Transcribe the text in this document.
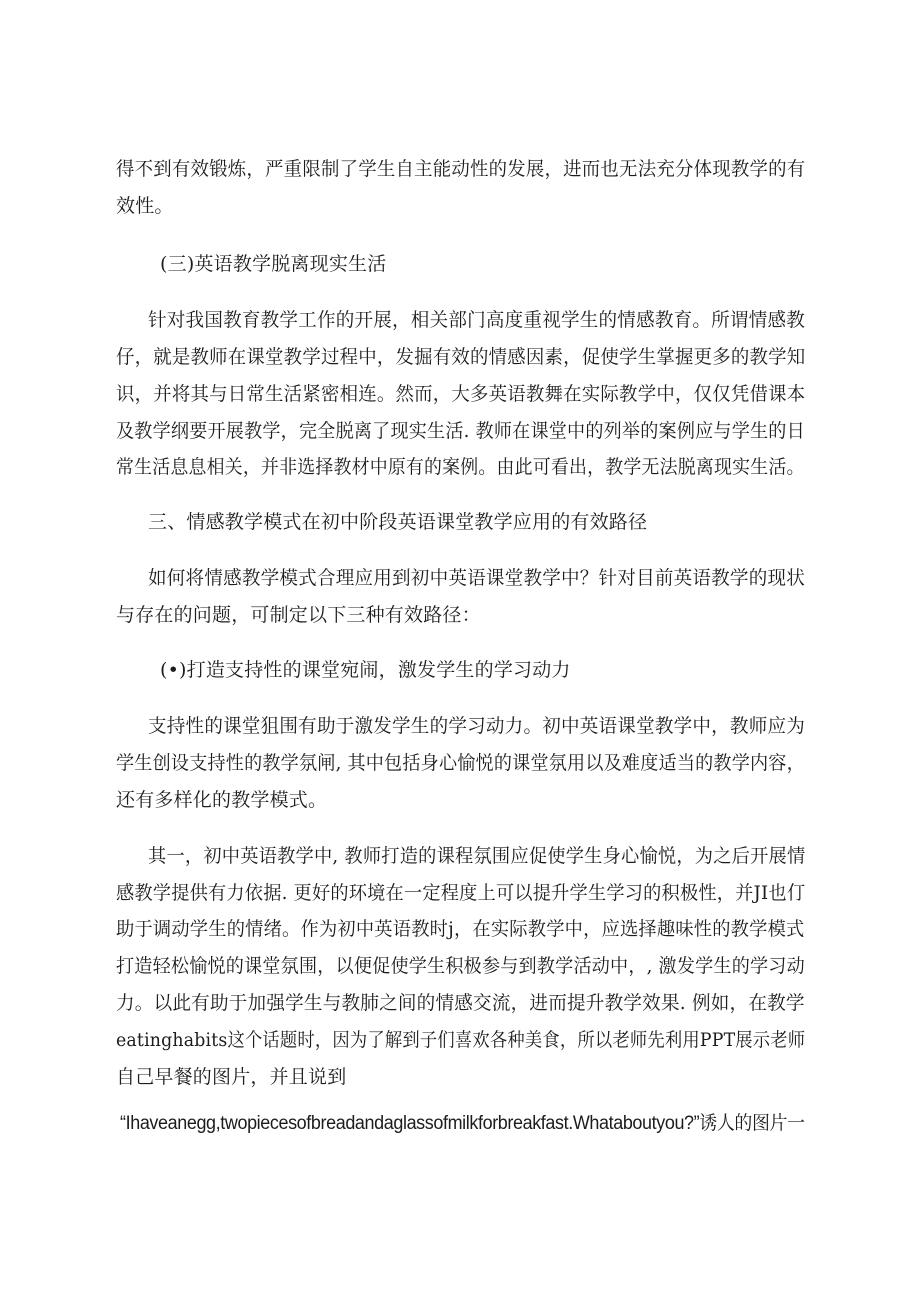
得不到有效锻炼，严重限制了学生自主能动性的发展，进而也无法充分体现教学的有
效性。
(三)英语教学脱离现实生活
针对我国教育教学工作的开展，相关部门高度重视学生的情感教育。所谓情感教
仔，就是教师在课堂教学过程中，发掘有效的情感因素，促使学生掌握更多的教学知
识，并将其与日常生活紧密相连。然而，大多英语教舞在实际教学中，仅仅凭借课本
及教学纲要开展教学，完全脱离了现实生活. 教师在课堂中的列举的案例应与学生的日
常生活息息相关，并非选择教材中原有的案例。由此可看出，教学无法脱离现实生活。
三、情感教学模式在初中阶段英语课堂教学应用的有效路径
如何将情感教学模式合理应用到初中英语课堂教学中？针对目前英语教学的现状
与存在的问题，可制定以下三种有效路径：
(•)打造支持性的课堂宛闹，激发学生的学习动力
支持性的课堂狙围有助于激发学生的学习动力。初中英语课堂教学中，教师应为
学生创设支持性的教学氛闸, 其中包括身心愉悦的课堂氛用以及难度适当的教学内容，
还有多样化的教学模式。
其一，初中英语教学中, 教师打造的课程氛围应促使学生身心愉悦，为之后开展情
感教学提供有力依据. 更好的环境在一定程度上可以提升学生学习的积极性，并JI也仃
助于调动学生的情绪。作为初中英语教时j，在实际教学中，应选择趣味性的教学模式
打造轻松愉悦的课堂氛围，以便促使学生积极参与到教学活动中，, 激发学生的学习动
力。以此有助于加强学生与教肺之间的情感交流，进而提升教学效果. 例如，在教学
eatinghabits这个话题时，因为了解到子们喜欢各种美食，所以老师先利用PPT展示老师
自己早餐的图片，并且说到
“Ihaveanegg,twopiecesofbreadandaglassofmilkforbreakfast.Whataboutyou?”诱人的图片一
